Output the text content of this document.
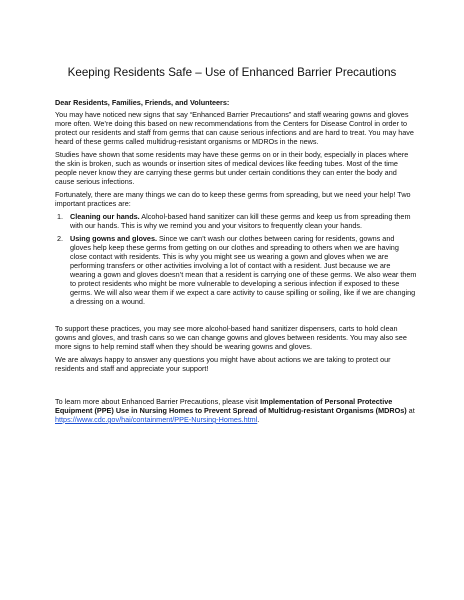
Keeping Residents Safe – Use of Enhanced Barrier Precautions

Dear Residents, Families, Friends, and Volunteers:

You may have noticed new signs that say “Enhanced Barrier Precautions” and staff wearing gowns and gloves more often. We’re doing this based on new recommendations from the Centers for Disease Control in order to protect our residents and staff from germs that can cause serious infections and are hard to treat. You may have heard of these germs called multidrug-resistant organisms or MDROs in the news.

Studies have shown that some residents may have these germs on or in their body, especially in places where the skin is broken, such as wounds or insertion sites of medical devices like feeding tubes. Most of the time people never know they are carrying these germs but under certain conditions they can enter the body and cause serious infections.

Fortunately, there are many things we can do to keep these germs from spreading, but we need your help! Two important practices are:

1. Cleaning our hands. Alcohol-based hand sanitizer can kill these germs and keep us from spreading them with our hands. This is why we remind you and your visitors to frequently clean your hands.
2. Using gowns and gloves. Since we can’t wash our clothes between caring for residents, gowns and gloves help keep these germs from getting on our clothes and spreading to others when we are having close contact with residents. This is why you might see us wearing a gown and gloves when we are performing transfers or other activities involving a lot of contact with a resident. Just because we are wearing a gown and gloves doesn’t mean that a resident is carrying one of these germs. We also wear them to protect residents who might be more vulnerable to developing a serious infection if exposed to these germs. We will also wear them if we expect a care activity to cause spilling or soiling, like if we are changing a dressing on a wound.

To support these practices, you may see more alcohol-based hand sanitizer dispensers, carts to hold clean gowns and gloves, and trash cans so we can change gowns and gloves between residents. You may also see more signs to help remind staff when they should be wearing gowns and gloves.

We are always happy to answer any questions you might have about actions we are taking to protect our residents and staff and appreciate your support!

To learn more about Enhanced Barrier Precautions, please visit Implementation of Personal Protective Equipment (PPE) Use in Nursing Homes to Prevent Spread of Multidrug-resistant Organisms (MDROs) at https://www.cdc.gov/hai/containment/PPE-Nursing-Homes.html.
